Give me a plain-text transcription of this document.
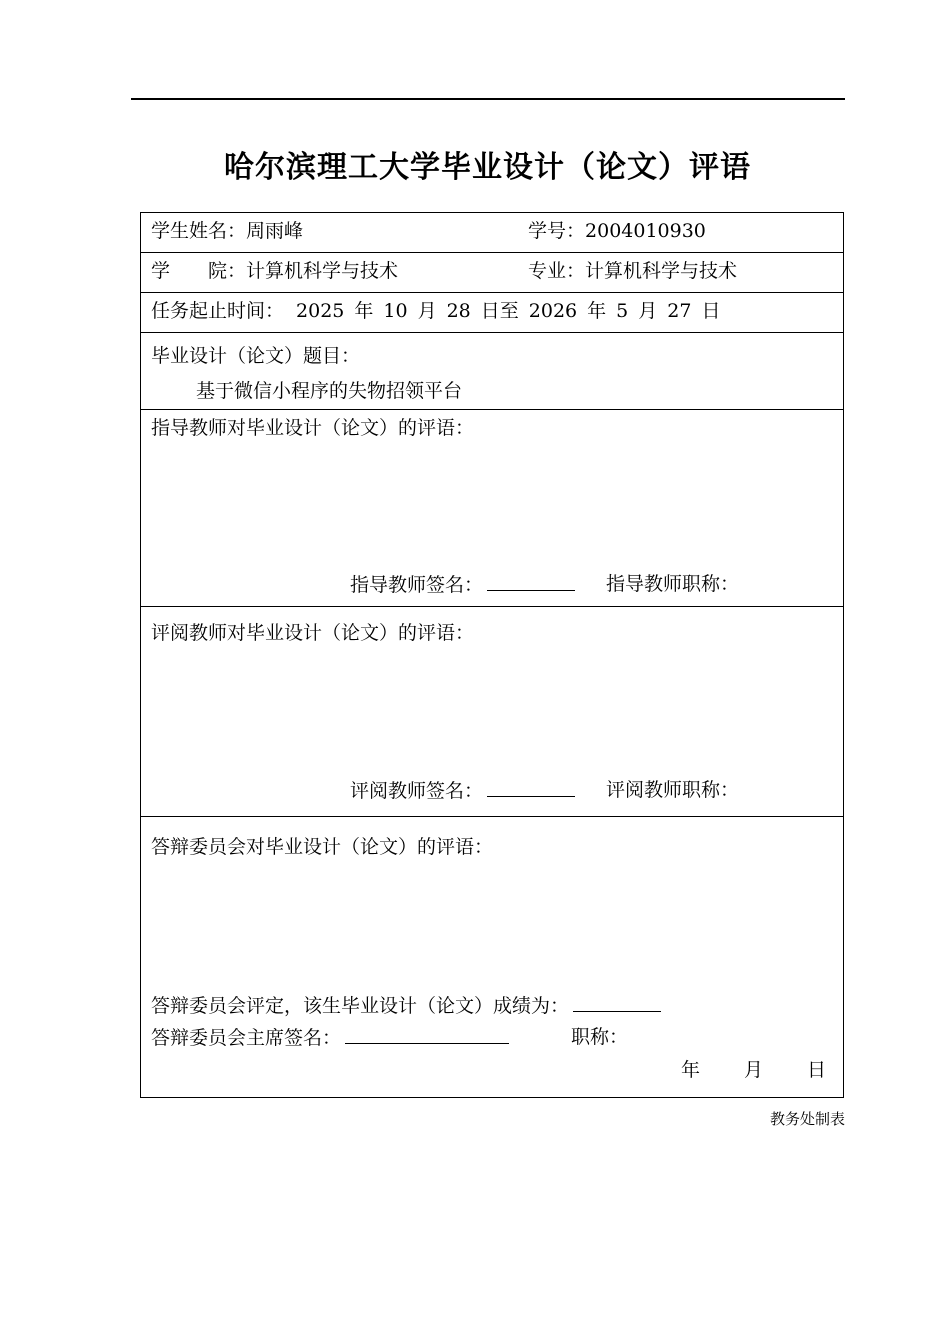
哈尔滨理工大学毕业设计（论文）评语
学生姓名：周雨峰	学号：2004010930
学　　院：计算机科学与技术	专业：计算机科学与技术
任务起止时间： 2025 年 10 月 28 日至 2026 年 5 月 27 日
毕业设计（论文）题目：
基于微信小程序的失物招领平台
指导教师对毕业设计（论文）的评语：
指导教师签名：	指导教师职称：
评阅教师对毕业设计（论文）的评语：
评阅教师签名：	评阅教师职称：
答辩委员会对毕业设计（论文）的评语：
答辩委员会评定，该生毕业设计（论文）成绩为：
答辩委员会主席签名：	职称：
年 月 日
教务处制表
